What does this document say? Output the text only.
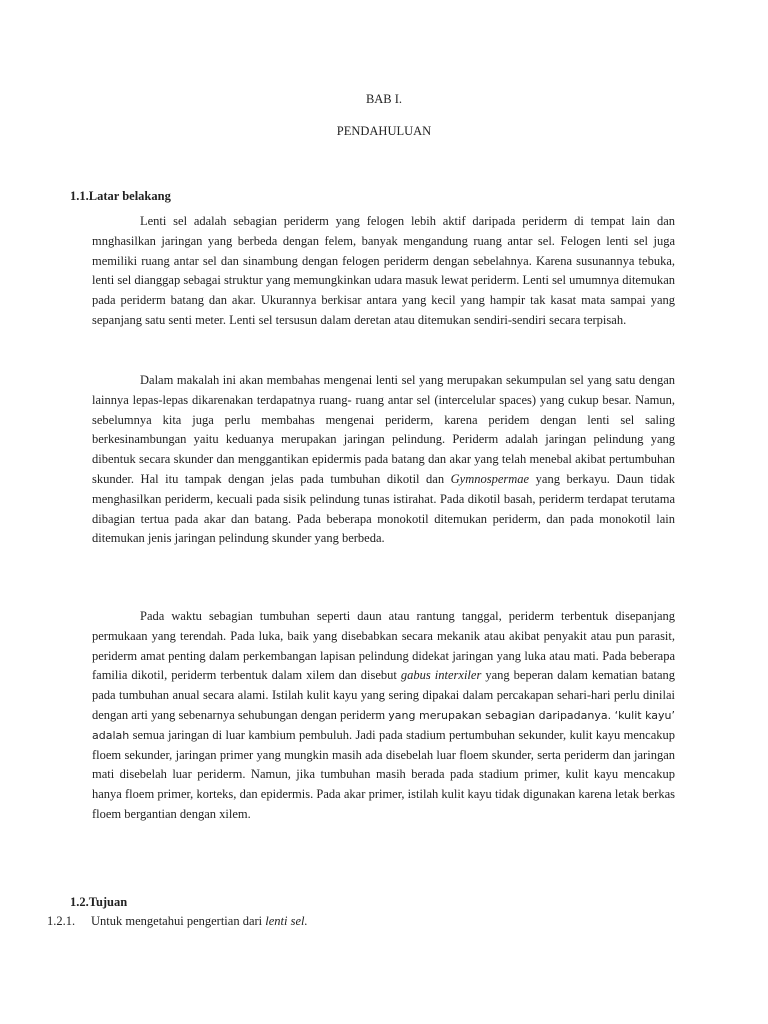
BAB I.
PENDAHULUAN
1.1.Latar belakang

Lenti sel adalah sebagian periderm yang felogen lebih aktif daripada periderm di tempat lain dan mnghasilkan jaringan yang berbeda dengan felem, banyak mengandung ruang antar sel. Felogen lenti sel juga memiliki ruang antar sel dan sinambung dengan felogen periderm dengan sebelahnya. Karena susunannya tebuka, lenti sel dianggap sebagai struktur yang memungkinkan udara masuk lewat periderm. Lenti sel umumnya ditemukan pada periderm batang dan akar. Ukurannya berkisar antara yang kecil yang hampir tak kasat mata sampai yang sepanjang satu senti meter. Lenti sel tersusun dalam deretan atau ditemukan sendiri-sendiri secara terpisah.

Dalam makalah ini akan membahas mengenai lenti sel yang merupakan sekumpulan sel yang satu dengan lainnya lepas-lepas dikarenakan terdapatnya ruang- ruang antar sel (intercelular spaces) yang cukup besar. Namun, sebelumnya kita juga perlu membahas mengenai periderm, karena peridem dengan lenti sel saling berkesinambungan yaitu keduanya merupakan jaringan pelindung. Periderm adalah jaringan pelindung yang dibentuk secara skunder dan menggantikan epidermis pada batang dan akar yang telah menebal akibat pertumbuhan skunder. Hal itu tampak dengan jelas pada tumbuhan dikotil dan Gymnospermae yang berkayu. Daun tidak menghasilkan periderm, kecuali pada sisik pelindung tunas istirahat. Pada dikotil basah, periderm terdapat terutama dibagian tertua pada akar dan batang. Pada beberapa monokotil ditemukan periderm, dan pada monokotil lain ditemukan jenis jaringan pelindung skunder yang berbeda.

Pada waktu sebagian tumbuhan seperti daun atau rantung tanggal, periderm terbentuk disepanjang permukaan yang terendah. Pada luka, baik yang disebabkan secara mekanik atau akibat penyakit atau pun parasit, periderm amat penting dalam perkembangan lapisan pelindung didekat jaringan yang luka atau mati. Pada beberapa familia dikotil, periderm terbentuk dalam xilem dan disebut gabus interxiler yang beperan dalam kematian batang pada tumbuhan anual secara alami. Istilah kulit kayu yang sering dipakai dalam percakapan sehari-hari perlu dinilai dengan arti yang sebenarnya sehubungan dengan periderm yang merupakan sebagian daripadanya. ‘kulit kayu’ adalah semua jaringan di luar kambium pembuluh. Jadi pada stadium pertumbuhan sekunder, kulit kayu mencakup floem sekunder, jaringan primer yang mungkin masih ada disebelah luar floem skunder, serta periderm dan jaringan mati disebelah luar periderm. Namun, jika tumbuhan masih berada pada stadium primer, kulit kayu mencakup hanya floem primer, korteks, dan epidermis. Pada akar primer, istilah kulit kayu tidak digunakan karena letak berkas floem bergantian dengan xilem.

1.2.Tujuan
1.2.1. Untuk mengetahui pengertian dari lenti sel.
